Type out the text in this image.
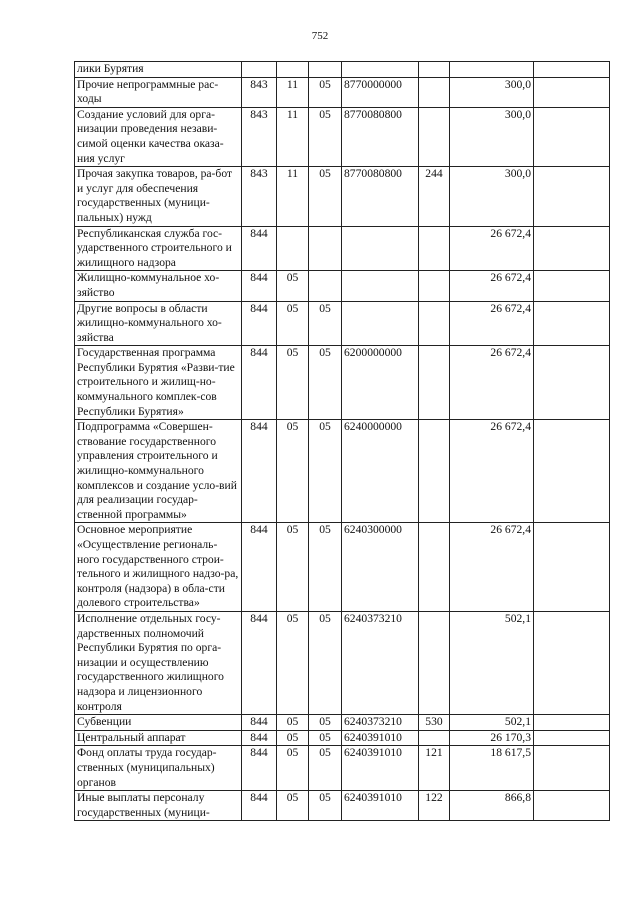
752
лики Бурятия							
Прочие непрограммные рас-ходы	843	11	05	8770000000		300,0	
Создание условий для орга-низации проведения незави-симой оценки качества оказа-ния услуг	843	11	05	8770080800		300,0	
Прочая закупка товаров, ра-бот и услуг для обеспечения государственных (муници-пальных) нужд	843	11	05	8770080800	244	300,0	
Республиканская служба гос-ударственного строительного и жилищного надзора	844					26 672,4	
Жилищно-коммунальное хо-зяйство	844	05				26 672,4	
Другие вопросы в области жилищно-коммунального хо-зяйства	844	05	05			26 672,4	
Государственная программа Республики Бурятия «Разви-тие строительного и жилищ-но-коммунального комплек-сов Республики Бурятия»	844	05	05	6200000000		26 672,4	
Подпрограмма «Совершен-ствование государственного управления строительного и жилищно-коммунального комплексов и создание усло-вий для реализации государ-ственной программы»	844	05	05	6240000000		26 672,4	
Основное мероприятие «Осуществление региональ-ного государственного строи-тельного и жилищного надзо-ра, контроля (надзора) в обла-сти долевого строительства»	844	05	05	6240300000		26 672,4	
Исполнение отдельных госу-дарственных полномочий Республики Бурятия по орга-низации и осуществлению государственного жилищного надзора и лицензионного контроля	844	05	05	6240373210		502,1	
Субвенции	844	05	05	6240373210	530	502,1	
Центральный аппарат	844	05	05	6240391010		26 170,3	
Фонд оплаты труда государ-ственных (муниципальных) органов	844	05	05	6240391010	121	18 617,5	
Иные выплаты персоналу государственных (муници-	844	05	05	6240391010	122	866,8	
